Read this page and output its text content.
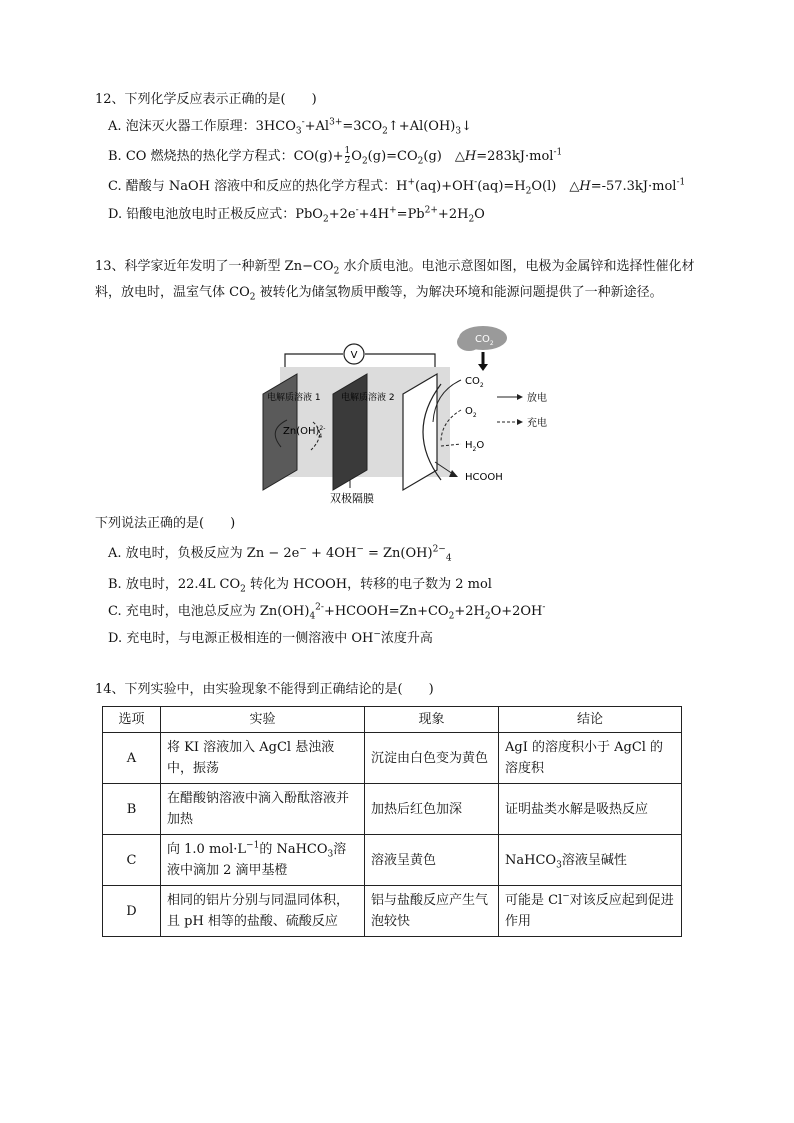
12、下列化学反应表示正确的是(　　)
A. 泡沫灭火器工作原理：$3HCO_3^-+Al^{3+}=3CO_2↑+Al(OH)_3↓$
B. CO 燃烧热的热化学方程式：$CO(g)+ \frac{1}{2} O_2(g)=CO_2(g)$　△H=283kJ·mol$^{-1}$
C. 醋酸与 NaOH 溶液中和反应的热化学方程式：$H^+(aq)+OH^-(aq)=H_2O(l)$　△H=-57.3kJ·mol$^{-1}$
D. 铅酸电池放电时正极反应式：$PbO_2+2e^-+4H^+=Pb^{2+}+2H_2O$
13、科学家近年发明了一种新型 $Zn-CO_2$ 水介质电池。电池示意图如图，电极为金属锌和选择性催化材料，放电时，温室气体 $CO_2$ 被转化为储氢物质甲酸等，为解决环境和能源问题提供了一种新途径。
V
电解质溶液 1 电解质溶液 2
Zn(OH)$^{2-}$4
$CO_2$
$CO_2$
$O_2$
$H_2O$
HCOOH
放电
充电
双极隔膜
下列说法正确的是(　　)
A. 放电时，负极反应为 Zn − 2e− + 4OH− = Zn(OH)$^{2-}_4$
B. 放电时，22.4L $CO_2$ 转化为 HCOOH，转移的电子数为 2 mol
C. 充电时，电池总反应为 $Zn(OH)_4^{2-}+HCOOH=Zn+CO_2+2H_2O+2OH^-$
D. 充电时，与电源正极相连的一侧溶液中 OH−浓度升高
14、下列实验中，由实验现象不能得到正确结论的是(　　)
选项	实验	现象	结论
A	将 KI 溶液加入 AgCl 悬浊液中，振荡	沉淀由白色变为黄色	AgI 的溶度积小于 AgCl 的溶度积
B	在醋酸钠溶液中滴入酚酞溶液并加热	加热后红色加深	证明盐类水解是吸热反应
C	向 1.0 $mol\cdot L^{-1}$的 NaHCO$_3$溶液中滴加 2 滴甲基橙	溶液呈黄色	NaHCO$_3$溶液呈碱性
D	相同的铝片分别与同温同体积，且 pH 相等的盐酸、硫酸反应	铝与盐酸反应产生气泡较快	可能是 Cl−对该反应起到促进作用
